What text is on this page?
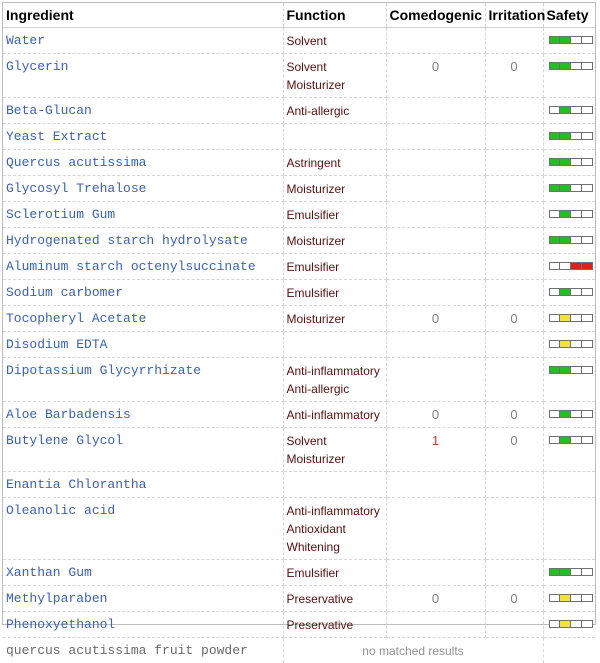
Ingredient	Function	Comedogenic	Irritation	Safety

Water	Solvent			

Glycerin	Solvent
Moisturizer	0	0	

Beta-Glucan	Anti-allergic			

Yeast Extract				

Quercus acutissima	Astringent			

Glycosyl Trehalose	Moisturizer			

Sclerotium Gum	Emulsifier			

Hydrogenated starch hydrolysate	Moisturizer			

Aluminum starch octenylsuccinate	Emulsifier			

Sodium carbomer	Emulsifier			

Tocopheryl Acetate	Moisturizer	0	0	

Disodium EDTA				

Dipotassium Glycyrrhizate	Anti-inflammatory
Anti-allergic			

Aloe Barbadensis	Anti-inflammatory	0	0	

Butylene Glycol	Solvent
Moisturizer	1	0	

Enantia Chlorantha				

Oleanolic acid	Anti-inflammatory
Antioxidant
Whitening			

Xanthan Gum	Emulsifier			

Methylparaben	Preservative	0	0	

Phenoxyethanol	Preservative			

quercus acutissima fruit powder	no matched results			
